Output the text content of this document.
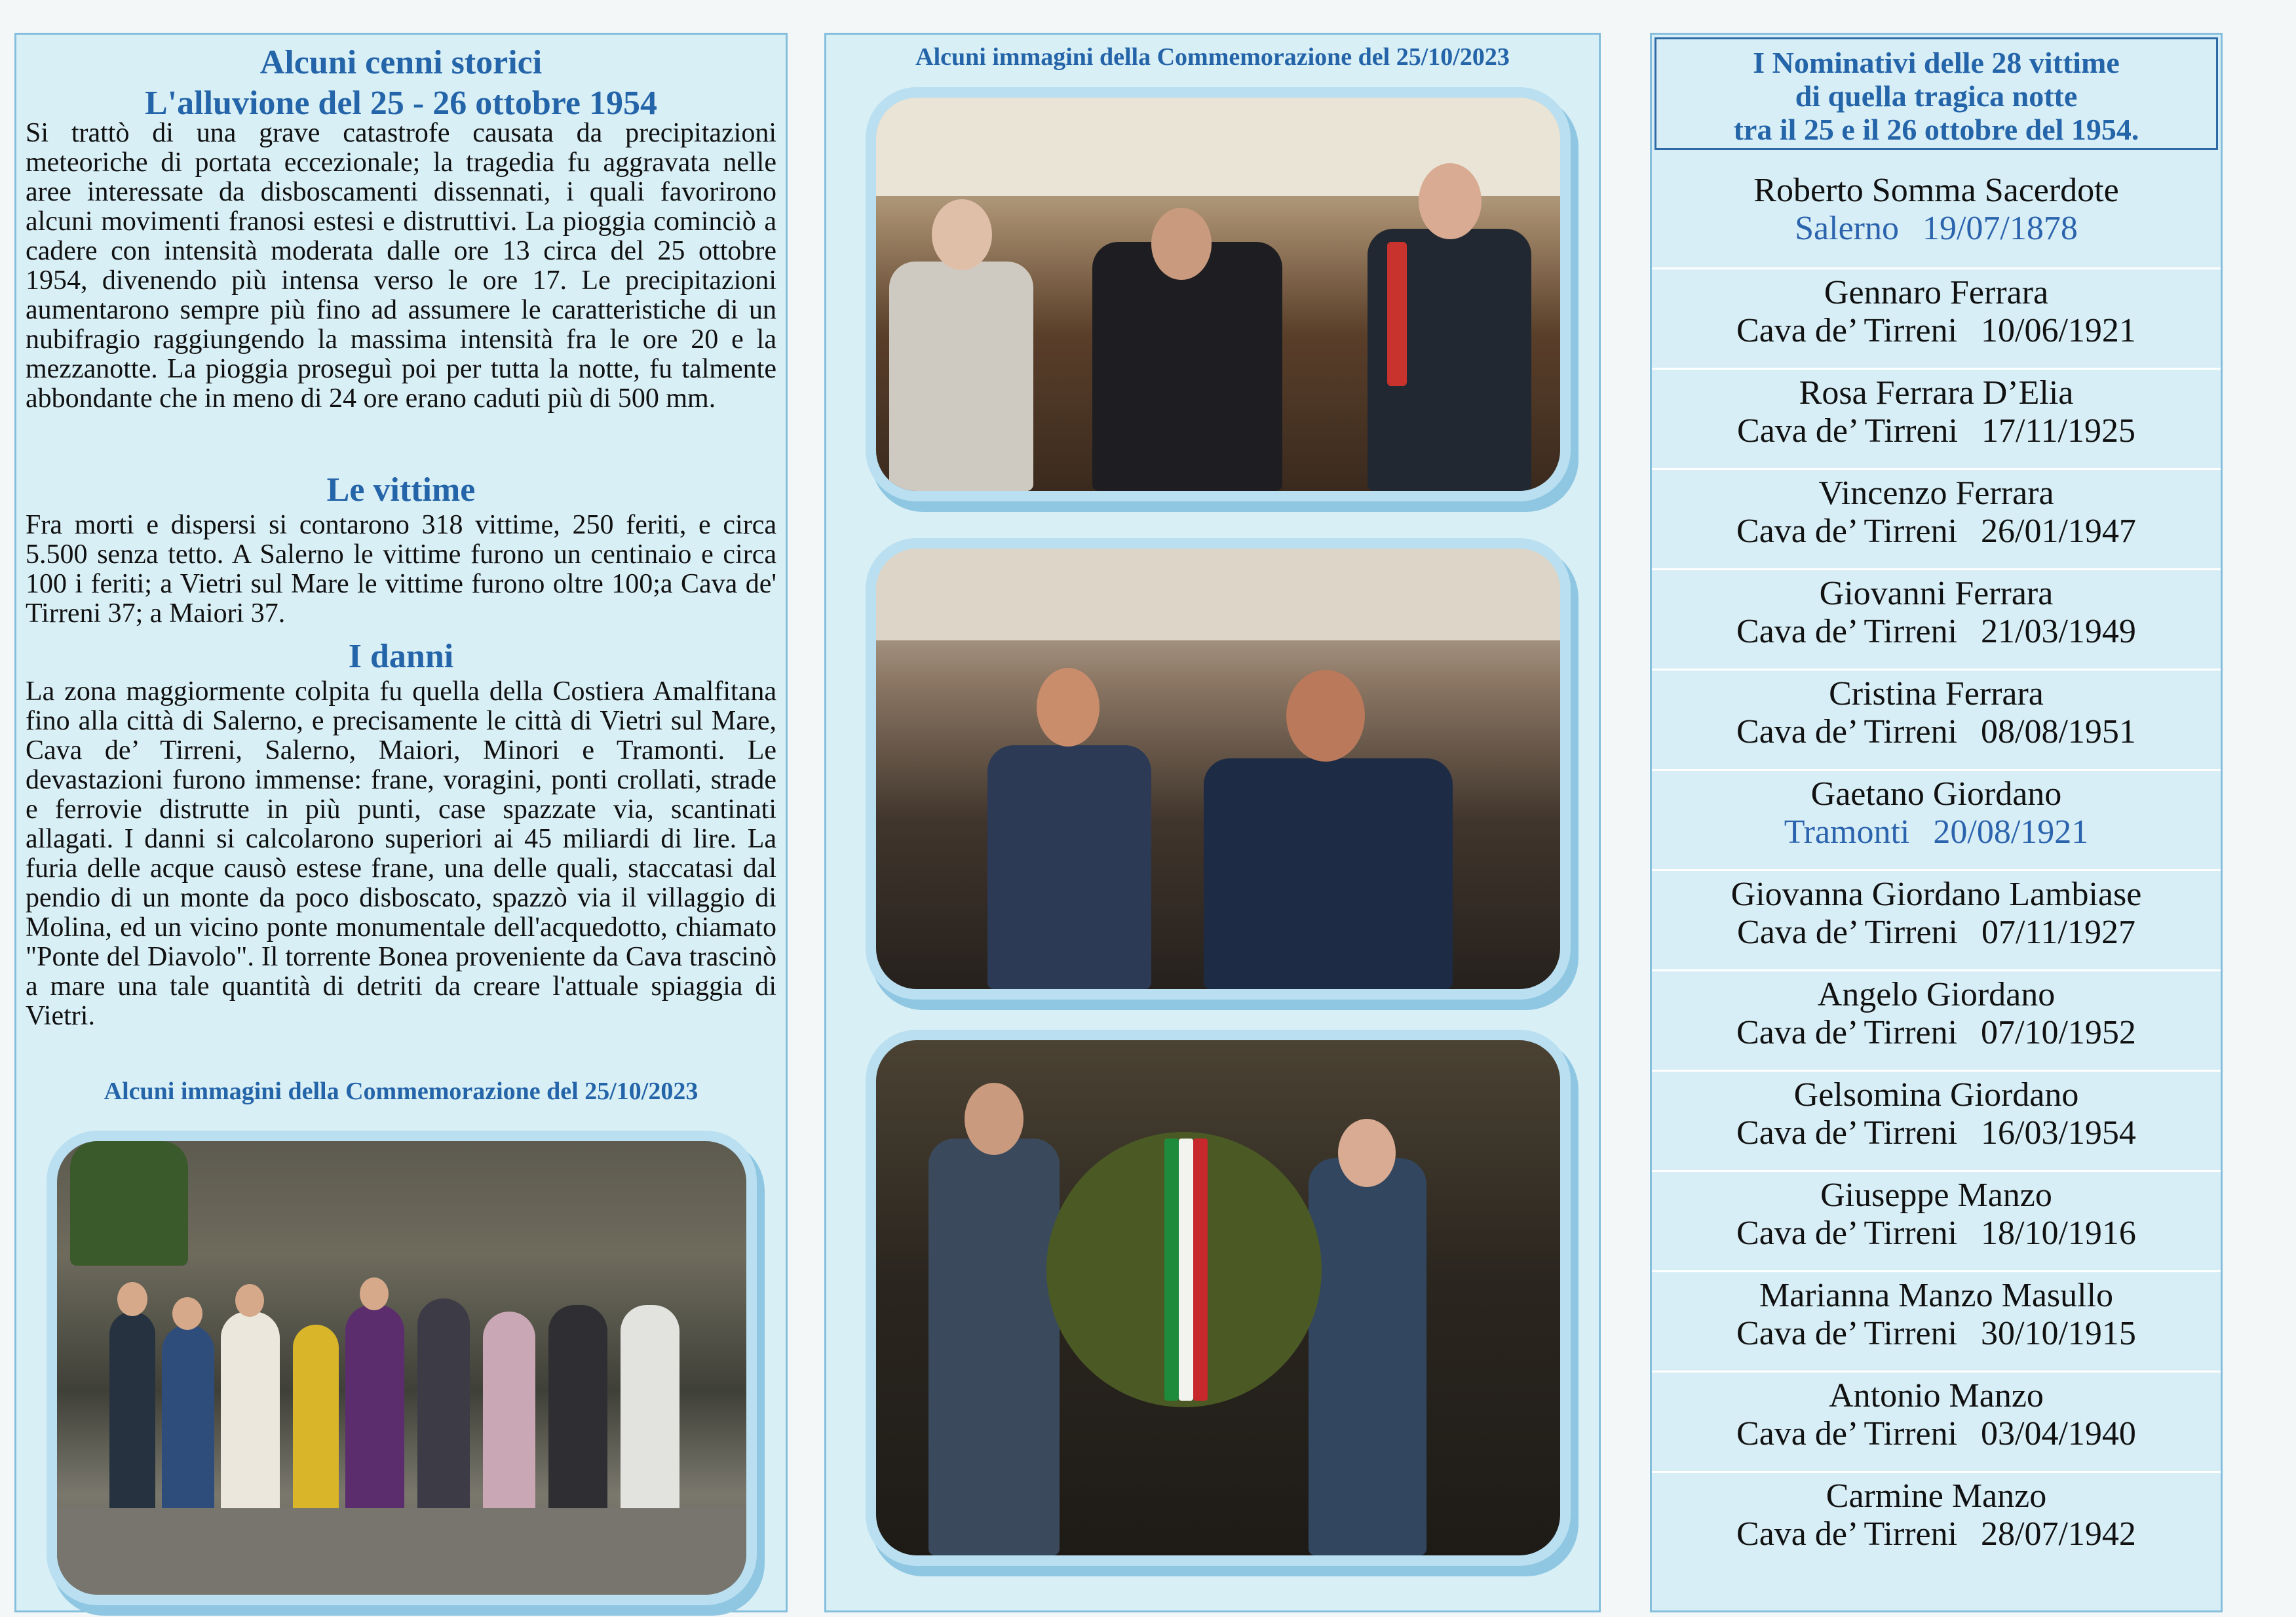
Alcuni cenni storici
L'alluvione del 25 - 26 ottobre 1954
Si trattò di una grave catastrofe causata da precipitazioni meteoriche di portata eccezionale; la tragedia fu aggravata nelle aree interessate da disboscamenti dissennati, i quali favorirono alcuni movimenti franosi estesi e distruttivi. La pioggia cominciò a cadere con intensità moderata dalle ore 13 circa del 25 ottobre 1954, divenendo più intensa verso le ore 17. Le precipitazioni aumentarono sempre più fino ad assumere le caratteristiche di un nubifragio raggiungendo la massima intensità fra le ore 20 e la mezzanotte. La pioggia proseguì poi per tutta la notte, fu talmente abbondante che in meno di 24 ore erano caduti più di 500 mm.
Le vittime
Fra morti e dispersi si contarono 318 vittime, 250 feriti, e circa 5.500 senza tetto. A Salerno le vittime furono un centinaio e circa 100 i feriti; a Vietri sul Mare le vittime furono oltre 100;a Cava de' Tirreni 37; a Maiori 37.
I danni
La zona maggiormente colpita fu quella della Costiera Amalfitana fino alla città di Salerno, e precisamente le città di Vietri sul Mare, Cava de’ Tirreni, Salerno, Maiori, Minori e Tramonti. Le devastazioni furono immense: frane, voragini, ponti crollati, strade e ferrovie distrutte in più punti, case spazzate via, scantinati allagati. I danni si calcolarono superiori ai 45 miliardi di lire. La furia delle acque causò estese frane, una delle quali, staccatasi dal pendio di un monte da poco disboscato, spazzò via il villaggio di Molina, ed un vicino ponte monumentale dell'acquedotto, chiamato "Ponte del Diavolo". Il torrente Bonea proveniente da Cava trascinò a mare una tale quantità di detriti da creare l'attuale spiaggia di Vietri.
Alcuni immagini della Commemorazione del 25/10/2023
Alcuni immagini della Commemorazione del 25/10/2023	I Nominativi delle 28 vittime
di quella tragica notte
tra il 25 e il 26 ottobre del 1954.
Roberto Somma Sacerdote
Salerno 19/07/1878
Gennaro Ferrara
Cava de’ Tirreni 10/06/1921
Rosa Ferrara D’Elia
Cava de’ Tirreni 17/11/1925
Vincenzo Ferrara
Cava de’ Tirreni 26/01/1947
Giovanni Ferrara
Cava de’ Tirreni 21/03/1949
Cristina Ferrara
Cava de’ Tirreni 08/08/1951
Gaetano Giordano
Tramonti 20/08/1921
Giovanna Giordano Lambiase
Cava de’ Tirreni 07/11/1927
Angelo Giordano
Cava de’ Tirreni 07/10/1952
Gelsomina Giordano
Cava de’ Tirreni 16/03/1954
Giuseppe Manzo
Cava de’ Tirreni 18/10/1916
Marianna Manzo Masullo
Cava de’ Tirreni 30/10/1915
Antonio Manzo
Cava de’ Tirreni 03/04/1940
Carmine Manzo
Cava de’ Tirreni 28/07/1942
